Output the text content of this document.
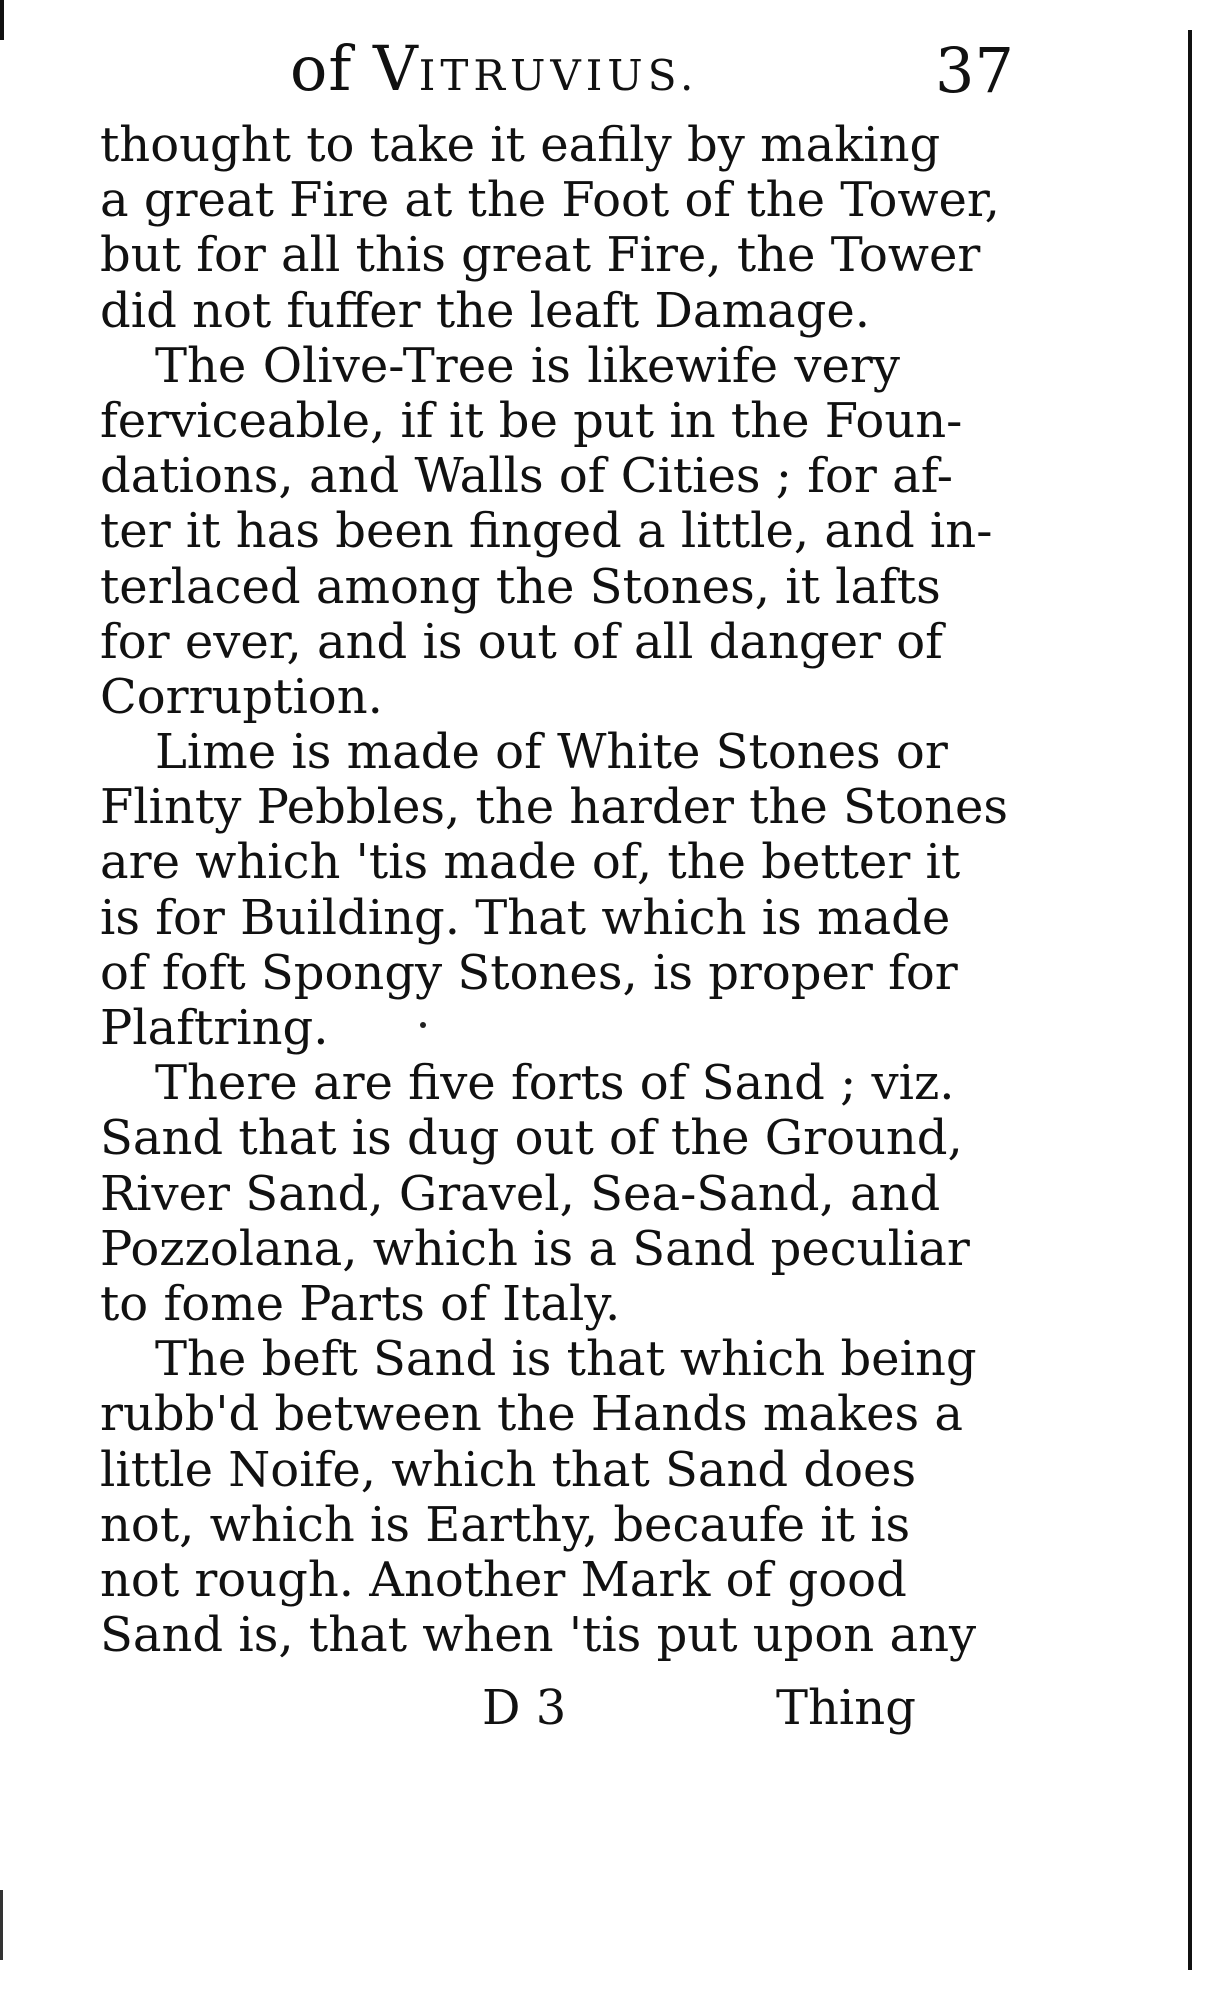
of VITRUVIUS.	37
thought to take it eafily by making
a great Fire at the Foot of the Tower,
but for all this great Fire, the Tower
did not fuffer the leaft Damage.
The Olive-Tree is likewife very
ferviceable, if it be put in the Foun-
dations, and Walls of Cities ; for af-
ter it has been finged a little, and in-
terlaced among the Stones, it lafts
for ever, and is out of all danger of
Corruption.
Lime is made of White Stones or
Flinty Pebbles, the harder the Stones
are which 'tis made of, the better it
is for Building. That which is made
of foft Spongy Stones, is proper for
Plaftring.
There are five forts of Sand ; viz.
Sand that is dug out of the Ground,
River Sand, Gravel, Sea-Sand, and
Pozzolana, which is a Sand peculiar
to fome Parts of Italy.
The beft Sand is that which being
rubb'd between the Hands makes a
little Noife, which that Sand does
not, which is Earthy, becaufe it is
not rough. Another Mark of good
Sand is, that when 'tis put upon any
D 3	Thing
